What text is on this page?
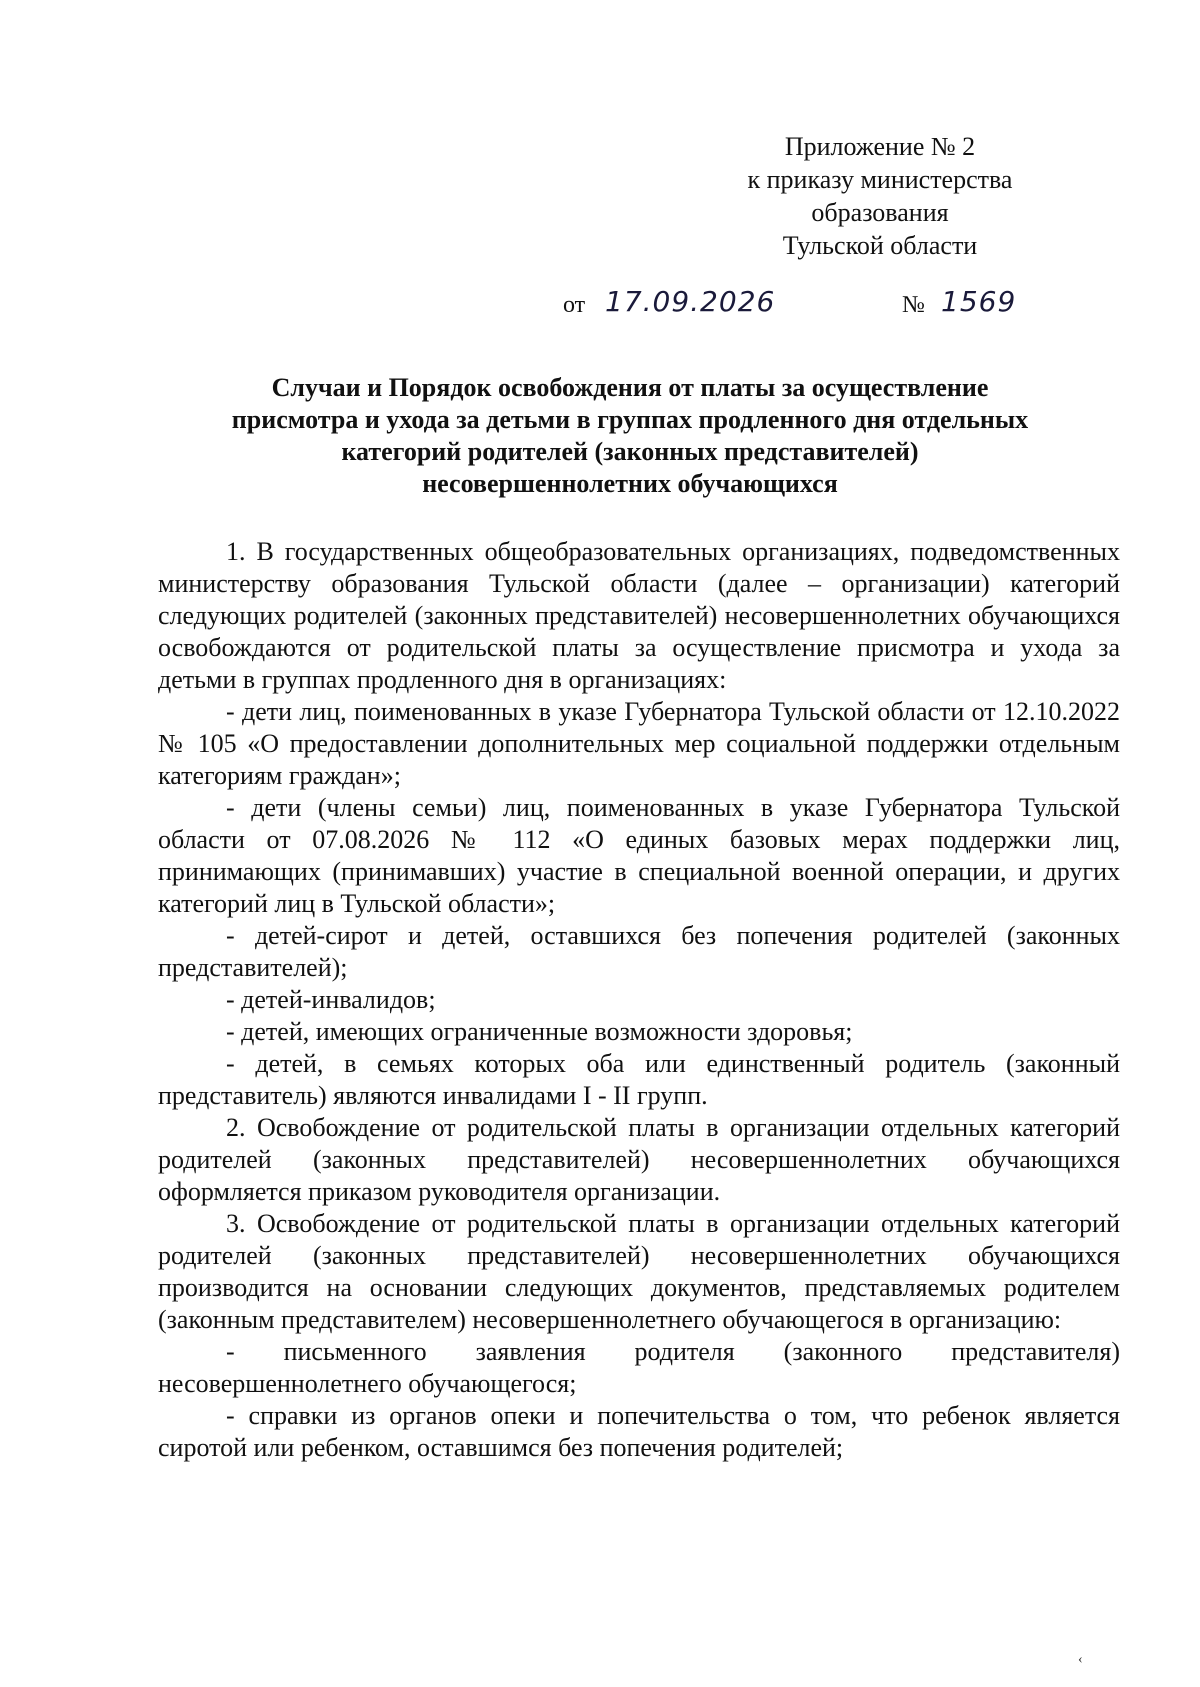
Приложение № 2
к приказу министерства
образования
Тульской области
от 17.09.2026	№ 1569
Случаи и Порядок освобождения от платы за осуществление
присмотра и ухода за детьми в группах продленного дня отдельных
категорий родителей (законных представителей)
несовершеннолетних обучающихся

1. В государственных общеобразовательных организациях, подведомственных министерству образования Тульской области (далее – организации) категорий следующих родителей (законных представителей) несовершеннолетних обучающихся освобождаются от родительской платы за осуществление присмотра и ухода за детьми в группах продленного дня в организациях:

- дети лиц, поименованных в указе Губернатора Тульской области от 12.10.2022 № 105 «О предоставлении дополнительных мер социальной поддержки отдельным категориям граждан»;

- дети (члены семьи) лиц, поименованных в указе Губернатора Тульской области от 07.08.2026 № 112 «О единых базовых мерах поддержки лиц, принимающих (принимавших) участие в специальной военной операции, и других категорий лиц в Тульской области»;

- детей-сирот и детей, оставшихся без попечения родителей (законных представителей);

- детей-инвалидов;

- детей, имеющих ограниченные возможности здоровья;

- детей, в семьях которых оба или единственный родитель (законный представитель) являются инвалидами I - II групп.

2. Освобождение от родительской платы в организации отдельных категорий родителей (законных представителей) несовершеннолетних обучающихся оформляется приказом руководителя организации.

3. Освобождение от родительской платы в организации отдельных категорий родителей (законных представителей) несовершеннолетних обучающихся производится на основании следующих документов, представляемых родителем (законным представителем) несовершеннолетнего обучающегося в организацию:

- письменного заявления родителя (законного представителя) несовершеннолетнего обучающегося;

- справки из органов опеки и попечительства о том, что ребенок является сиротой или ребенком, оставшимся без попечения родителей;

‹
